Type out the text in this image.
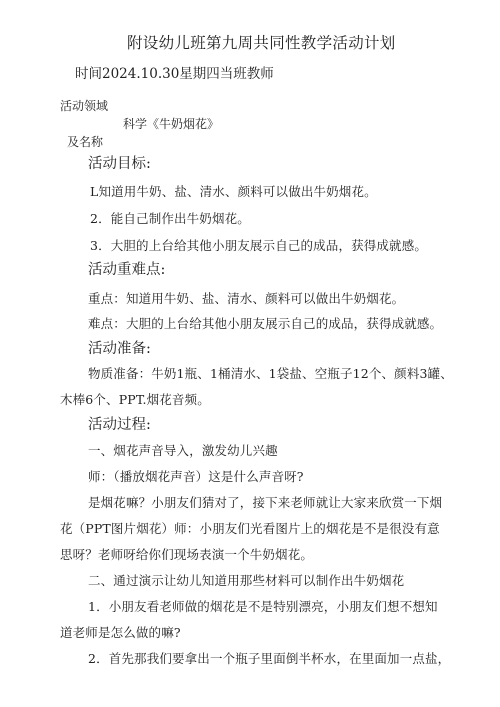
附设幼儿班第九周共同性教学活动计划
时间2024.10.30星期四当班教师
活动领域
科学《牛奶烟花》
及名称
活动目标:
L知道用牛奶、盐、清水、颜料可以做出牛奶烟花。
2．能自己制作出牛奶烟花。
3．大胆的上台给其他小朋友展示自己的成品，获得成就感。
活动重难点:
重点：知道用牛奶、盐、清水、颜料可以做出牛奶烟花。
难点：大胆的上台给其他小朋友展示自己的成品，获得成就感。
活动准备:
物质准备：牛奶1瓶、1桶清水、1袋盐、空瓶子12个、颜料3罐、
木棒6个、PPT.烟花音频。
活动过程:
一、烟花声音导入，激发幼儿兴趣
师：（播放烟花声音）这是什么声音呀?
是烟花嘛？小朋友们猜对了，接下来老师就让大家来欣赏一下烟
花（PPT图片烟花）师：小朋友们光看图片上的烟花是不是很没有意
思呀？老师呀给你们现场表演一个牛奶烟花。
二、通过演示让幼儿知道用那些材料可以制作出牛奶烟花
1．小朋友看老师做的烟花是不是特别漂亮，小朋友们想不想知
道老师是怎么做的嘛?
2．首先那我们要拿出一个瓶子里面倒半杯水，在里面加一点盐，
